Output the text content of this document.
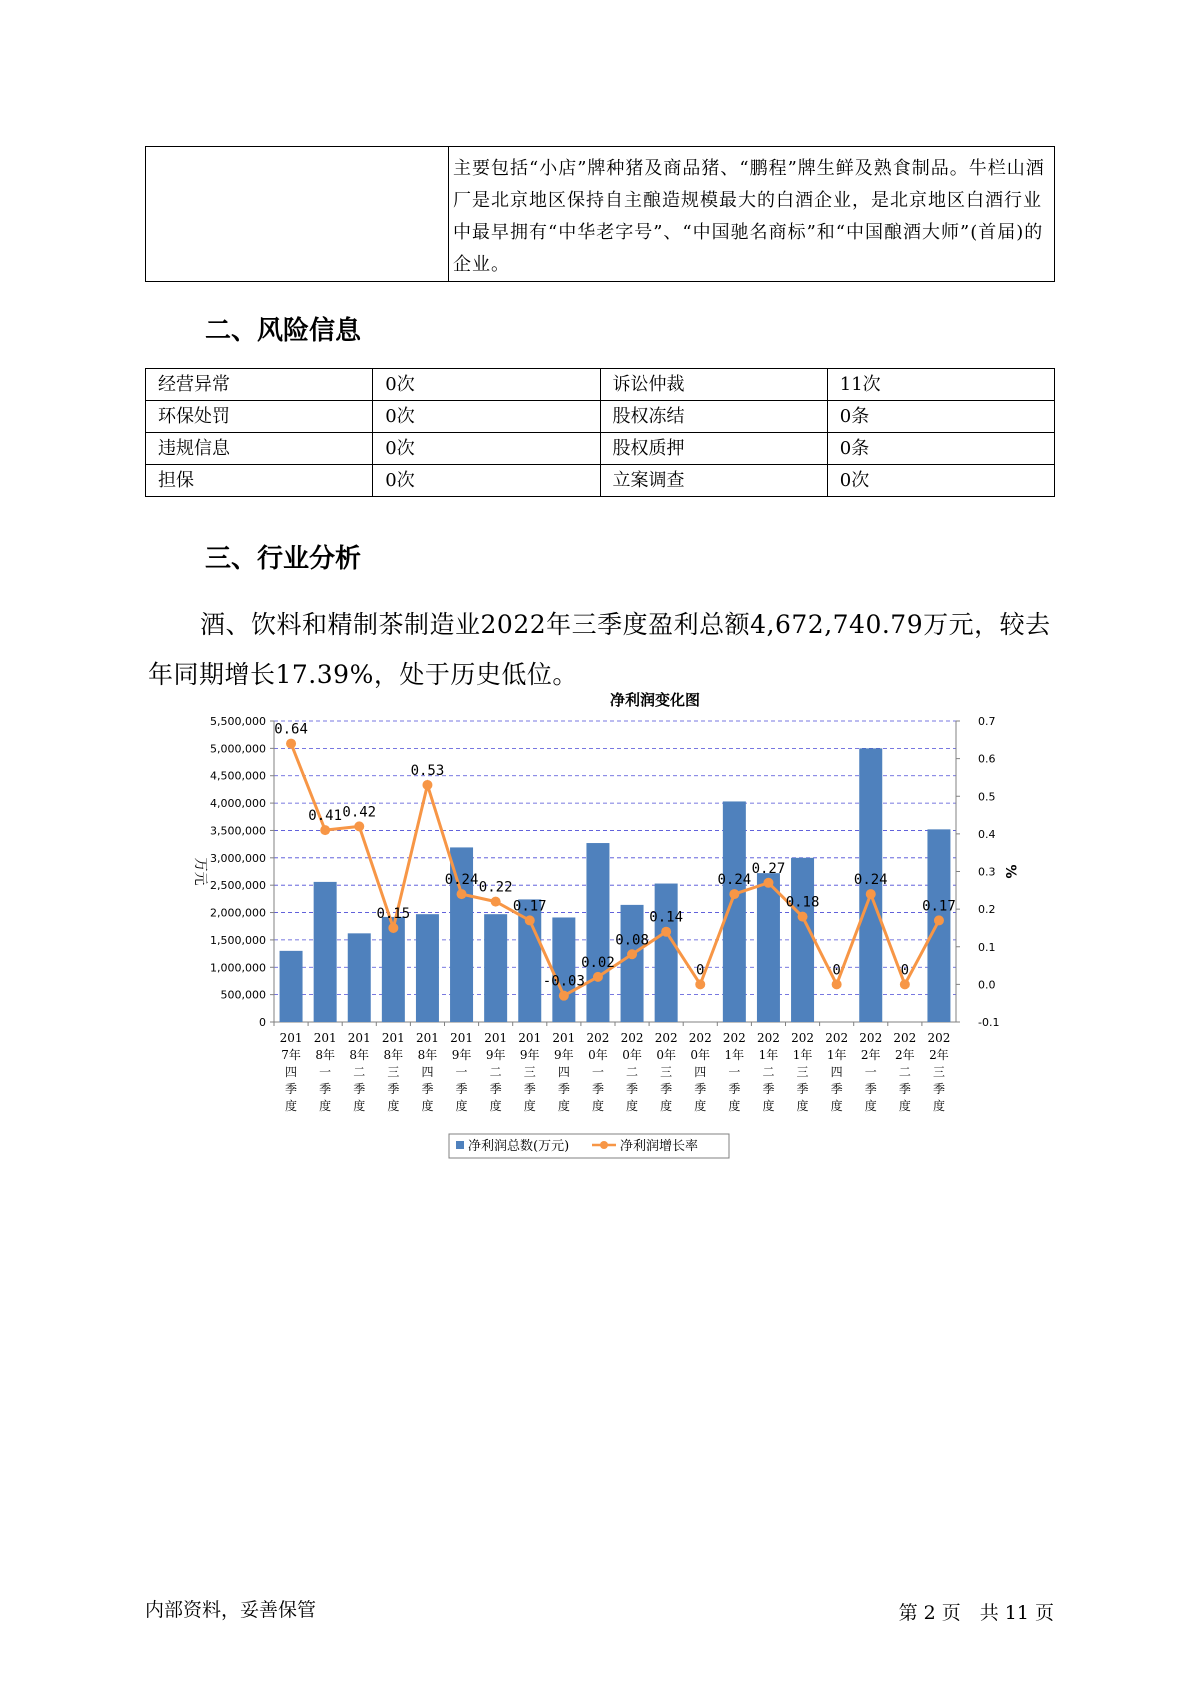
主要包括“小店”牌种猪及商品猪、“鹏程”牌生鲜及熟食制品。牛栏山酒厂是北京地区保持自主酿造规模最大的白酒企业，是北京地区白酒行业中最早拥有“中华老字号”、“中国驰名商标”和“中国酿酒大师”(首届)的企业。
二、风险信息
经营异常	0次	诉讼仲裁	11次
环保处罚	0次	股权冻结	0条
违规信息	0次	股权质押	0条
担保	0次	立案调查	0次
三、行业分析

酒、饮料和精制茶制造业2022年三季度盈利总额4,672,740.79万元，较去年同期增长17.39%，处于历史低位。

净利润变化图
0
500,000
1,000,000
1,500,000
2,000,000
2,500,000
3,000,000
3,500,000
4,000,000
4,500,000
5,000,000
5,500,000
-0.1
0.0
0.1
0.2
0.3
0.4
0.5
0.6
0.7
万元	%
0.64
0.41 0.42
0.15
0.53
0.24 0.22
0.17
-0.03
0.02
0.08
0.14
0
0.24
0.27
0.18
0
0.24
0
0.17
201
7年
四
季
度
201
8年
一
季
度
201
8年
二
季
度
201
8年
三
季
度
201
8年
四
季
度
201
9年
一
季
度
201
9年
二
季
度
201
9年
三
季
度
201
9年
四
季
度
202
0年
一
季
度
202
0年
二
季
度
202
0年
三
季
度
202
0年
四
季
度
202
1年
一
季
度
202
1年
二
季
度
202
1年
三
季
度
202
1年
四
季
度
202
2年
一
季
度
202
2年
二
季
度
202
2年
三
季
度
净利润总数(万元)	净利润增长率
内部资料，妥善保管	第 2 页　共 11 页
